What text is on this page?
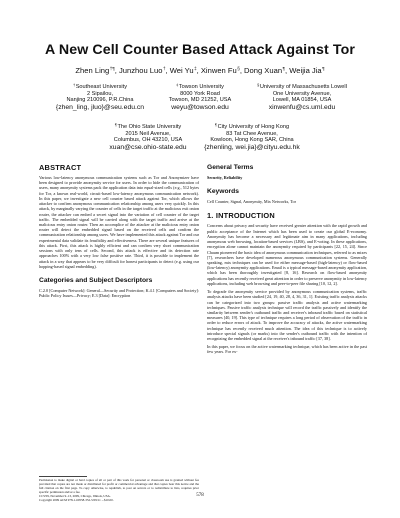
A New Cell Counter Based Attack Against Tor
Zhen Ling†¶, Junzhou Luo†, Wei Yu‡, Xinwen Fu§, Dong Xuan¶, Weijia Jia¶
†Southeast University
2 Sipailou,
Nanjing 210096, P.R.China
{zhen_ling, jluo}@seu.edu.cn
‡Towson University
8000 York Road
Towson, MD 21252, USA
weyu@towson.edu
§University of Massachusetts Lowell
One University Avenue,
Lowell, MA 01854, USA
xinwenfu@cs.uml.edu
¶The Ohio State University
2015 Neil Avenue,
Columbus, OH 43210, USA
xuan@cse.ohio-state.edu
¶City University of Hong Kong
83 Tat Chee Avenue,
Kowloon, Hong Kong SAR, China
{zhenling, wei.jia}@cityu.edu.hk
ABSTRACT
Various low-latency anonymous communication systems such as Tor and Anonymizer have been designed to provide anonymity service for users. In order to hide the communication of users, many anonymity systems pack the application data into equal-sized cells (e.g., 512 bytes for Tor, a known real-world, circuit-based low-latency anonymous communication network). In this paper, we investigate a new cell counter based attack against Tor, which allows the attacker to confirm anonymous communication relationship among users very quickly. In this attack, by marginally varying the counter of cells in the target traffic at the malicious exit onion router, the attacker can embed a secret signal into the variation of cell counter of the target traffic. The embedded signal will be carried along with the target traffic and arrive at the malicious entry onion router. Then an accomplice of the attacker at the malicious entry onion router will detect the embedded signal based on the received cells and confirm the communication relationship among users. We have implemented this attack against Tor and our experimental data validate its feasibility and effectiveness. There are several unique features of this attack. First, this attack is highly efficient and can confirm very short communication sessions with only tens of cells. Second, this attack is effective and its detection rate approaches 100% with a very low false positive rate. Third, it is possible to implement the attack in a way that appears to be very difficult for honest participants to detect (e.g. using our hopping-based signal embedding).
Categories and Subject Descriptors
C.2.0 [Computer Network]: General—Security and Protection; K.4.1 [Computers and Society]: Public Policy Issues—Privacy; E.3 [Data]: Encryption
Permission to make digital or hard copies of all or part of this work for personal or classroom use is granted without fee provided that copies are not made or distributed for profit or commercial advantage and that copies bear this notice and the full citation on the first page. To copy otherwise, to republish, to post on servers or to redistribute to lists, requires prior specific permission and/or a fee.
CCS'09, November 9–13, 2009, Chicago, Illinois, USA.
Copyright 2009 ACM 978-1-60558-352-5/09/11 ...$10.00.
General Terms
Security, Reliability
Keywords
Cell Counter, Signal, Anonymity, Mix Networks, Tor
1. INTRODUCTION
Concerns about privacy and security have received greater attention with the rapid growth and public acceptance of the Internet which has been used to create our global E-economy. Anonymity has become a necessary and legitimate aim in many applications, including anonymous web browsing, location-based services (LBS), and E-voting. In these applications, encryption alone cannot maintain the anonymity required by participants [22, 15, 24]. Since Chaum pioneered the basic idea of anonymous communication techniques, referred to as mixes [7], researchers have developed numerous anonymous communication systems. Generally speaking, mix techniques can be used for either message-based (high-latency) or flow-based (low-latency) anonymity applications. Email is a typical message-based anonymity application, which has been thoroughly investigated [8, 16]. Research on flow-based anonymity applications has recently received great attention in order to preserve anonymity in low-latency applications, including web browsing and peer-to-peer file sharing [10, 12, 2].
To degrade the anonymity service provided by anonymous communication systems, traffic analysis attacks have been studied [24, 19, 40, 28, 4, 36, 31, 1]. Existing traffic analysis attacks can be categorized into two groups: passive traffic analysis and active watermarking techniques. Passive traffic analysis technique will record the traffic passively and identify the similarity between sender's outbound traffic and receiver's inbound traffic based on statistical measures [40, 19]. This type of technique requires a long period of observation of the traffic in order to reduce errors of attack. To improve the accuracy of attacks, the active watermarking technique has recently received much attention. The idea of this technique is to actively introduce special signals (or marks) into the sender's outbound traffic with the intention of recognizing the embedded signal at the receiver's inbound traffic [37, 38].
In this paper, we focus on the active watermarking technique, which has been active in the past few years. For ex-
578
